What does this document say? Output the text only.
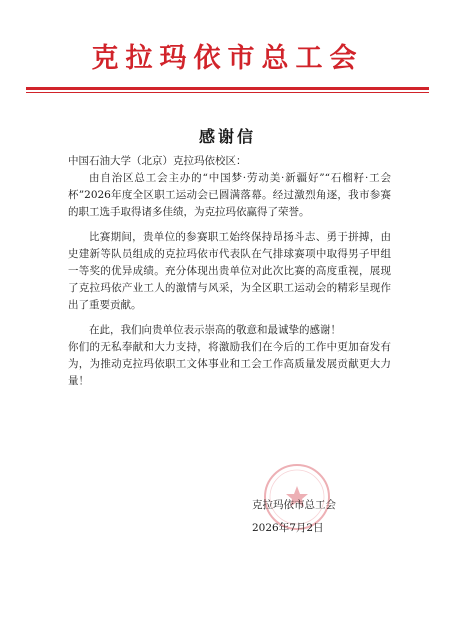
克拉玛依市总工会
感谢信
中国石油大学（北京）克拉玛依校区：

由自治区总工会主办的“中国梦·劳动美·新疆好”“石榴籽·工会杯”2026年度全区职工运动会已圆满落幕。经过激烈角逐，我市参赛的职工选手取得诸多佳绩，为克拉玛依赢得了荣誉。

比赛期间，贵单位的参赛职工始终保持昂扬斗志、勇于拼搏，由史建新等队员组成的克拉玛依市代表队在气排球赛项中取得男子甲组一等奖的优异成绩。充分体现出贵单位对此次比赛的高度重视，展现了克拉玛依产业工人的激情与风采，为全区职工运动会的精彩呈现作出了重要贡献。

在此，我们向贵单位表示崇高的敬意和最诚挚的感谢！

你们的无私奉献和大力支持，将激励我们在今后的工作中更加奋发有为，为推动克拉玛依职工文体事业和工会工作高质量发展贡献更大力量！

克拉玛依市总工会
2026年7月2日
